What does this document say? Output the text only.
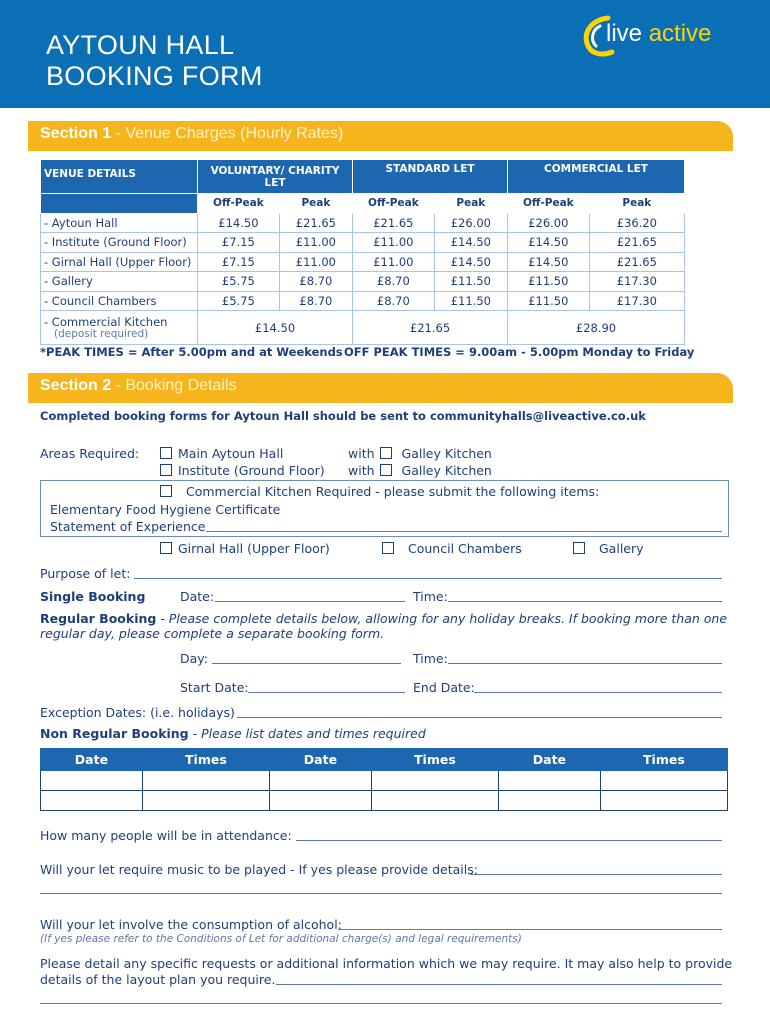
AYTOUN HALL
BOOKING FORM
live active
Section 1 - Venue Charges (Hourly Rates)
VENUE DETAILS	VOLUNTARY/ CHARITY LET		STANDARD LET		COMMERCIAL LET	
	Off-Peak	Peak	Off-Peak	Peak	Off-Peak	Peak
- Aytoun Hall	£14.50	£21.65	£21.65	£26.00	£26.00	£36.20
- Institute (Ground Floor)	£7.15	£11.00	£11.00	£14.50	£14.50	£21.65
- Girnal Hall (Upper Floor)	£7.15	£11.00	£11.00	£14.50	£14.50	£21.65
- Gallery	£5.75	£8.70	£8.70	£11.50	£11.50	£17.30
- Council Chambers	£5.75	£8.70	£8.70	£11.50	£11.50	£17.30

- Commercial Kitchen
(deposit required)	£14.50		£21.65		£28.90	
*PEAK TIMES = After 5.00pm and at Weekends OFF PEAK TIMES = 9.00am - 5.00pm Monday to Friday
Section 2 - Booking Details
Completed booking forms for Aytoun Hall should be sent to communityhalls@liveactive.co.uk
Areas Required:	Main Aytoun Hall
Institute (Ground Floor)
with Galley Kitchen
with Galley Kitchen
Commercial Kitchen Required - please submit the following items:
Elementary Food Hygiene Certificate
Statement of Experience
Girnal Hall (Upper Floor)	Council Chambers	Gallery
Purpose of let:
Single Booking	Date:	Time:
Regular Booking - Please complete details below, allowing for any holiday breaks. If booking more than one
regular day, please complete a separate booking form.
Day:	Time:
Start Date:	End Date:
Exception Dates: (i.e. holidays)
Non Regular Booking - Please list dates and times required
Date	Times	Date	Times	Date	Times

How many people will be in attendance:
Will your let require music to be played - If yes please provide details:
Will your let involve the consumption of alcohol:
(If yes please refer to the Conditions of Let for additional charge(s) and legal requirements)
Please detail any specific requests or additional information which we may require. It may also help to provide
details of the layout plan you require.
